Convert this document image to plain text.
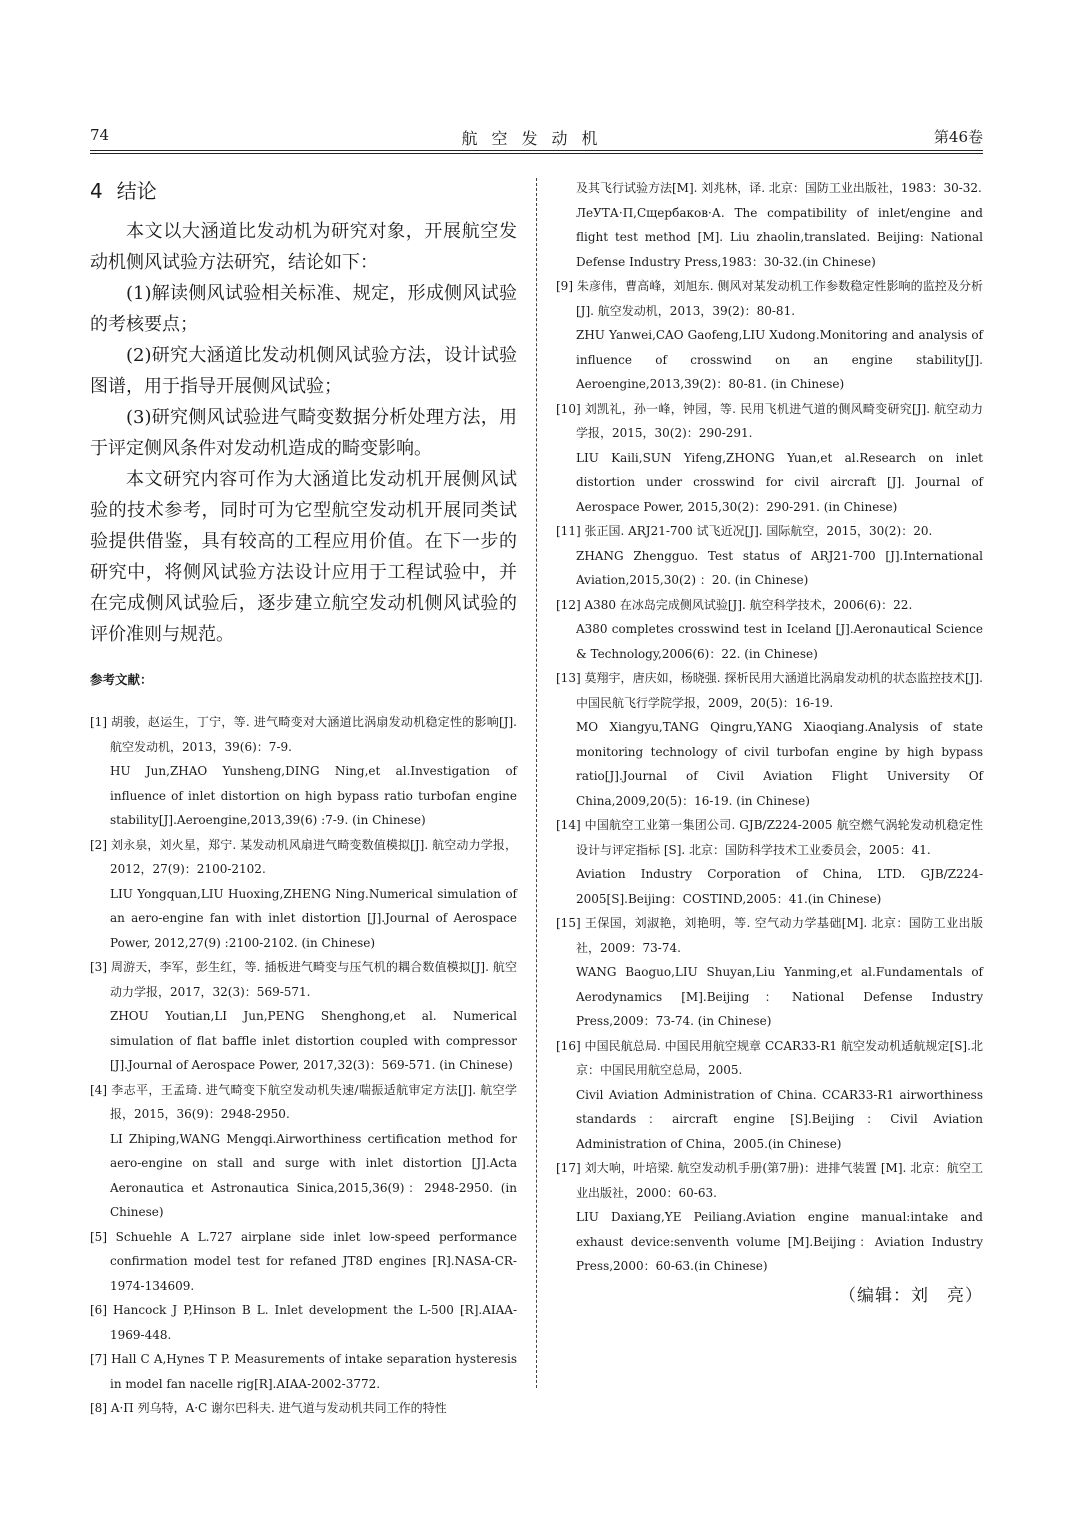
74	航空发动机	第46卷
4 结论

本文以大涵道比发动机为研究对象，开展航空发动机侧风试验方法研究，结论如下：

(1)解读侧风试验相关标准、规定，形成侧风试验的考核要点；

(2)研究大涵道比发动机侧风试验方法，设计试验图谱，用于指导开展侧风试验；

(3)研究侧风试验进气畸变数据分析处理方法，用于评定侧风条件对发动机造成的畸变影响。

本文研究内容可作为大涵道比发动机开展侧风试验的技术参考，同时可为它型航空发动机开展同类试验提供借鉴，具有较高的工程应用价值。在下一步的研究中，将侧风试验方法设计应用于工程试验中，并在完成侧风试验后，逐步建立航空发动机侧风试验的评价准则与规范。

参考文献：
[1] 胡骏，赵运生，丁宁，等. 进气畸变对大涵道比涡扇发动机稳定性的影响[J]. 航空发动机，2013，39(6)：7-9.
HU Jun,ZHAO Yunsheng,DING Ning,et al.Investigation of influence of inlet distortion on high bypass ratio turbofan engine stability[J].Aeroengine,2013,39(6) :7-9. (in Chinese)
[2] 刘永泉，刘火星，郑宁. 某发动机风扇进气畸变数值模拟[J]. 航空动力学报，2012，27(9)：2100-2102.
LIU Yongquan,LIU Huoxing,ZHENG Ning.Numerical simulation of an aero-engine fan with inlet distortion [J].Journal of Aerospace Power, 2012,27(9) :2100-2102. (in Chinese)
[3] 周游天，李军，彭生红，等. 插板进气畸变与压气机的耦合数值模拟[J]. 航空动力学报，2017，32(3)：569-571.
ZHOU Youtian,LI Jun,PENG Shenghong,et al. Numerical simulation of flat baffle inlet distortion coupled with compressor [J].Journal of Aerospace Power, 2017,32(3)：569-571. (in Chinese)
[4] 李志平，王孟琦. 进气畸变下航空发动机失速/喘振适航审定方法[J]. 航空学报，2015，36(9)：2948-2950.
LI Zhiping,WANG Mengqi.Airworthiness certification method for aero-engine on stall and surge with inlet distortion [J].Acta Aeronautica et Astronautica Sinica,2015,36(9)：2948-2950. (in Chinese)
[5] Schuehle A L.727 airplane side inlet low-speed performance confirmation model test for refaned JT8D engines [R].NASA-CR-1974-134609.
[6] Hancock J P,Hinson B L. Inlet development the L-500 [R].AIAA-1969-448.
[7] Hall C A,Hynes T P. Measurements of intake separation hysteresis in model fan nacelle rig[R].AIAA-2002-3772.
[8] A·П 列乌特，A·C 谢尔巴科夫. 进气道与发动机共同工作的特性
及其飞行试验方法[M]. 刘兆林，译. 北京：国防工业出版社，1983：30-32.
ЛеУТА·П,Сщербаков·А. The compatibility of inlet/engine and flight test method [M]. Liu zhaolin,translated. Beijing: National Defense Industry Press,1983：30-32.(in Chinese)
[9] 朱彦伟，曹高峰，刘旭东. 侧风对某发动机工作参数稳定性影响的监控及分析[J]. 航空发动机，2013，39(2)：80-81.
ZHU Yanwei,CAO Gaofeng,LIU Xudong.Monitoring and analysis of influence of crosswind on an engine stability[J]. Aeroengine,2013,39(2)：80-81. (in Chinese)
[10] 刘凯礼，孙一峰，钟园，等. 民用飞机进气道的侧风畸变研究[J]. 航空动力学报，2015，30(2)：290-291.
LIU Kaili,SUN Yifeng,ZHONG Yuan,et al.Research on inlet distortion under crosswind for civil aircraft [J]. Journal of Aerospace Power, 2015,30(2)：290-291. (in Chinese)
[11] 张正国. ARJ21-700 试飞近况[J]. 国际航空，2015，30(2)：20.
ZHANG Zhengguo. Test status of ARJ21-700 [J].International Aviation,2015,30(2) ：20. (in Chinese)
[12] A380 在冰岛完成侧风试验[J]. 航空科学技术，2006(6)：22.
A380 completes crosswind test in Iceland [J].Aeronautical Science & Technology,2006(6)：22. (in Chinese)
[13] 莫翔宇，唐庆如，杨晓强. 探析民用大涵道比涡扇发动机的状态监控技术[J]. 中国民航飞行学院学报，2009，20(5)：16-19.
MO Xiangyu,TANG Qingru,YANG Xiaoqiang.Analysis of state monitoring technology of civil turbofan engine by high bypass ratio[J].Journal of Civil Aviation Flight University Of China,2009,20(5)：16-19. (in Chinese)
[14] 中国航空工业第一集团公司. GJB/Z224-2005 航空燃气涡轮发动机稳定性设计与评定指标 [S]. 北京：国防科学技术工业委员会，2005：41.
Aviation Industry Corporation of China, LTD. GJB/Z224-2005[S].Beijing：COSTIND,2005：41.(in Chinese)
[15] 王保国，刘淑艳，刘艳明，等. 空气动力学基础[M]. 北京：国防工业出版社，2009：73-74.
WANG Baoguo,LIU Shuyan,Liu Yanming,et al.Fundamentals of Aerodynamics [M].Beijing：National Defense Industry Press,2009：73-74. (in Chinese)
[16] 中国民航总局. 中国民用航空规章 CCAR33-R1 航空发动机适航规定[S].北京：中国民用航空总局，2005.
Civil Aviation Administration of China. CCAR33-R1 airworthiness standards：aircraft engine [S].Beijing：Civil Aviation Administration of China，2005.(in Chinese)
[17] 刘大响，叶培梁. 航空发动机手册(第7册)：进排气装置 [M]. 北京：航空工业出版社，2000：60-63.
LIU Daxiang,YE Peiliang.Aviation engine manual:intake and exhaust device:senventh volume [M].Beijing：Aviation Industry Press,2000：60-63.(in Chinese)
（编辑：刘　亮）
